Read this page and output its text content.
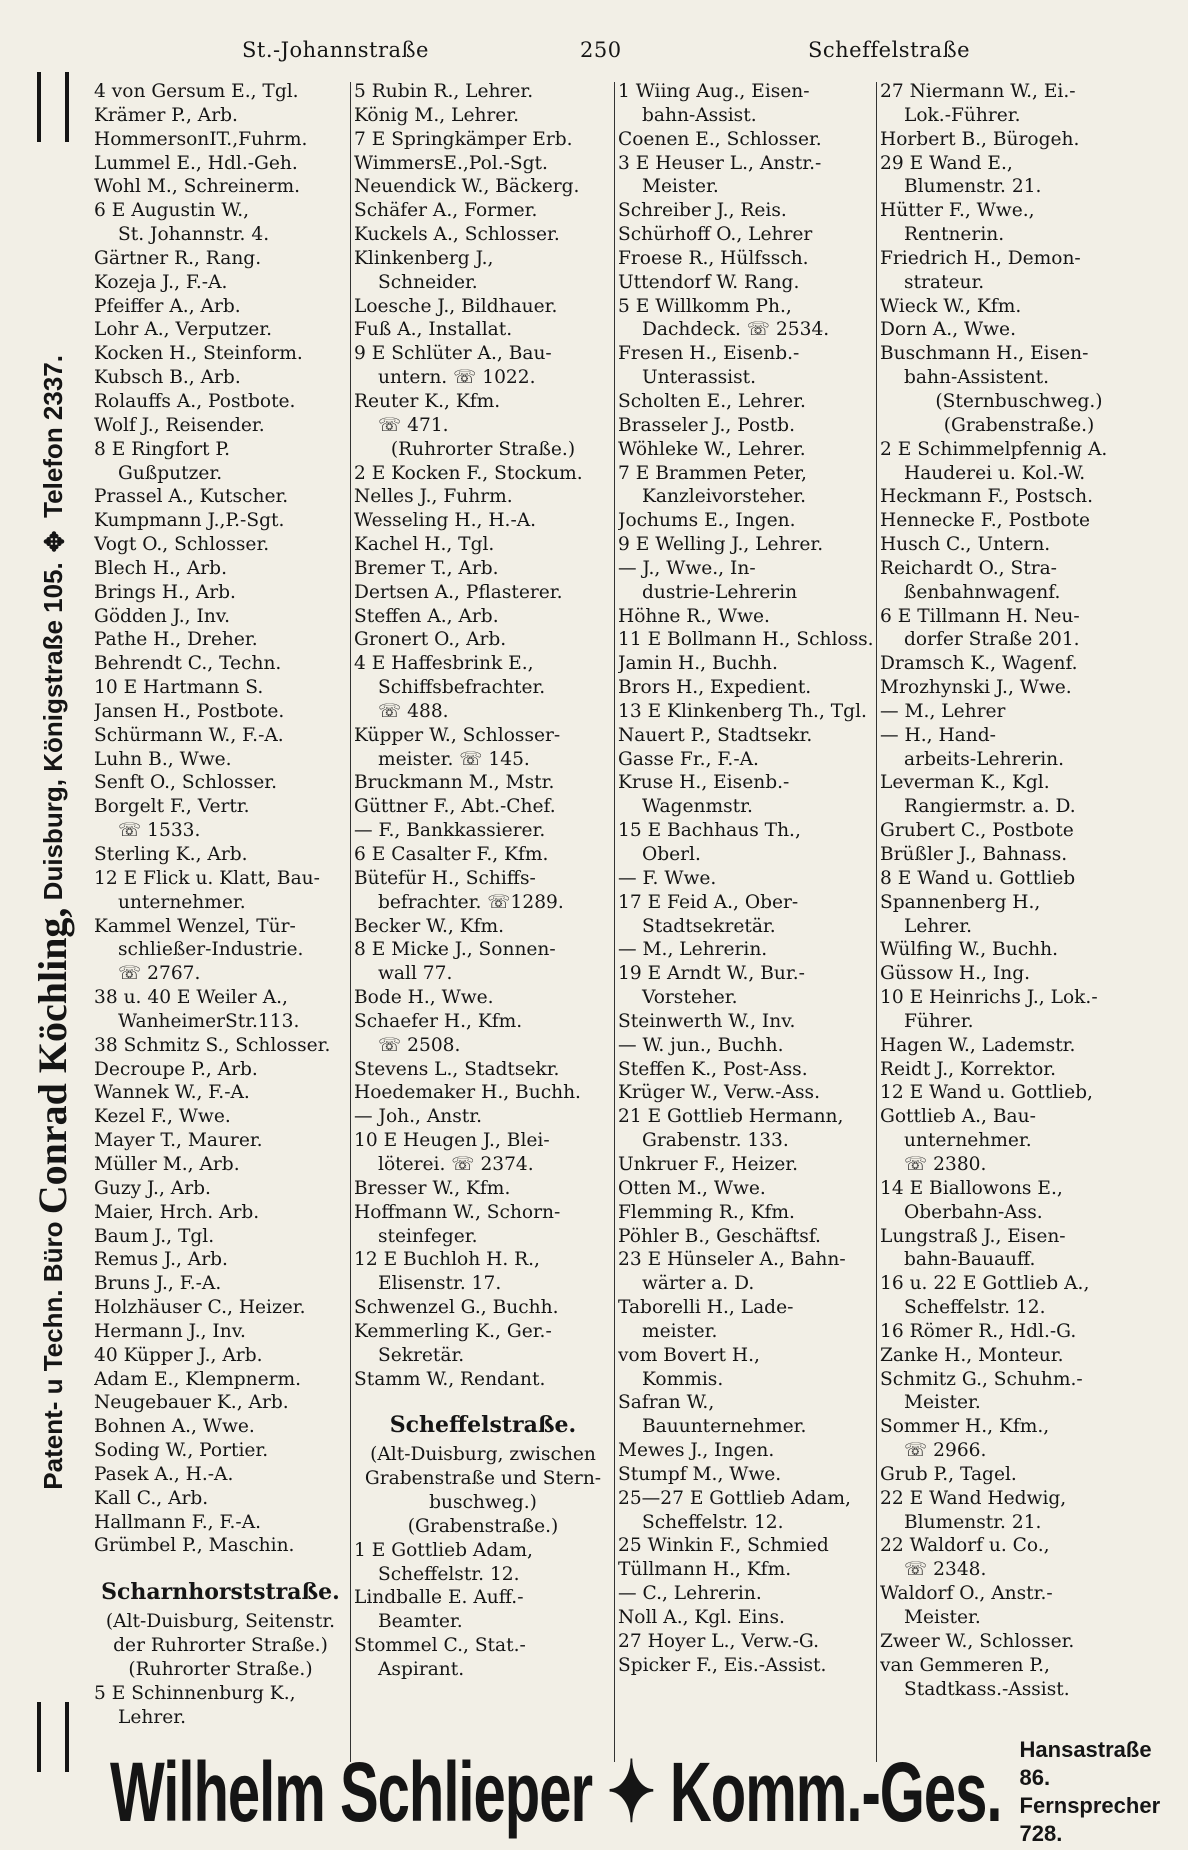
St.-Johannstraße	250	Scheffelstraße
Patent- u Techn. Büro Conrad Köchling, Duisburg, Königstraße 105. ✥ Telefon 2337.
4 von Gersum E., Tgl.
Krämer P., Arb.
HommersonIT.,Fuhrm.
Lummel E., Hdl.-Geh.
Wohl M., Schreinerm.
6 E Augustin W.,
St. Johannstr. 4.
Gärtner R., Rang.
Kozeja J., F.-A.
Pfeiffer A., Arb.
Lohr A., Verputzer.
Kocken H., Steinform.
Kubsch B., Arb.
Rolauffs A., Postbote.
Wolf J., Reisender.
8 E Ringfort P.
Gußputzer.
Prassel A., Kutscher.
Kumpmann J.,P.-Sgt.
Vogt O., Schlosser.
Blech H., Arb.
Brings H., Arb.
Gödden J., Inv.
Pathe H., Dreher.
Behrendt C., Techn.
10 E Hartmann S.
Jansen H., Postbote.
Schürmann W., F.-A.
Luhn B., Wwe.
Senft O., Schlosser.
Borgelt F., Vertr.
☏ 1533.
Sterling K., Arb.
12 E Flick u. Klatt, Bau-
unternehmer.
Kammel Wenzel, Tür-
schließer-Industrie.
☏ 2767.
38 u. 40 E Weiler A.,
WanheimerStr.113.
38 Schmitz S., Schlosser.
Decroupe P., Arb.
Wannek W., F.-A.
Kezel F., Wwe.
Mayer T., Maurer.
Müller M., Arb.
Guzy J., Arb.
Maier, Hrch. Arb.
Baum J., Tgl.
Remus J., Arb.
Bruns J., F.-A.
Holzhäuser C., Heizer.
Hermann J., Inv.
40 Küpper J., Arb.
Adam E., Klempnerm.
Neugebauer K., Arb.
Bohnen A., Wwe.
Soding W., Portier.
Pasek A., H.-A.
Kall C., Arb.
Hallmann F., F.-A.
Grümbel P., Maschin.
Scharnhorststraße.
(Alt-Duisburg, Seitenstr.
der Ruhrorter Straße.)
(Ruhrorter Straße.)
5 E Schinnenburg K.,
Lehrer.
5 Rubin R., Lehrer.
König M., Lehrer.
7 E Springkämper Erb.
WimmersE.,Pol.-Sgt.
Neuendick W., Bäckerg.
Schäfer A., Former.
Kuckels A., Schlosser.
Klinkenberg J.,
Schneider.
Loesche J., Bildhauer.
Fuß A., Installat.
9 E Schlüter A., Bau-
untern. ☏ 1022.
Reuter K., Kfm.
☏ 471.
(Ruhrorter Straße.)
2 E Kocken F., Stockum.
Nelles J., Fuhrm.
Wesseling H., H.-A.
Kachel H., Tgl.
Bremer T., Arb.
Dertsen A., Pflasterer.
Steffen A., Arb.
Gronert O., Arb.
4 E Haffesbrink E.,
Schiffsbefrachter.
☏ 488.
Küpper W., Schlosser-
meister. ☏ 145.
Bruckmann M., Mstr.
Güttner F., Abt.-Chef.
— F., Bankkassierer.
6 E Casalter F., Kfm.
Bütefür H., Schiffs-
befrachter. ☏1289.
Becker W., Kfm.
8 E Micke J., Sonnen-
wall 77.
Bode H., Wwe.
Schaefer H., Kfm.
☏ 2508.
Stevens L., Stadtsekr.
Hoedemaker H., Buchh.
— Joh., Anstr.
10 E Heugen J., Blei-
löterei. ☏ 2374.
Bresser W., Kfm.
Hoffmann W., Schorn-
steinfeger.
12 E Buchloh H. R.,
Elisenstr. 17.
Schwenzel G., Buchh.
Kemmerling K., Ger.-
Sekretär.
Stamm W., Rendant.
Scheffelstraße.
(Alt-Duisburg, zwischen
Grabenstraße und Stern-
buschweg.)
(Grabenstraße.)
1 E Gottlieb Adam,
Scheffelstr. 12.
Lindballe E. Auff.-
Beamter.
Stommel C., Stat.-
Aspirant.
1 Wiing Aug., Eisen-
bahn-Assist.
Coenen E., Schlosser.
3 E Heuser L., Anstr.-
Meister.
Schreiber J., Reis.
Schürhoff O., Lehrer
Froese R., Hülfssch.
Uttendorf W. Rang.
5 E Willkomm Ph.,
Dachdeck. ☏ 2534.
Fresen H., Eisenb.-
Unterassist.
Scholten E., Lehrer.
Brasseler J., Postb.
Wöhleke W., Lehrer.
7 E Brammen Peter,
Kanzleivorsteher.
Jochums E., Ingen.
9 E Welling J., Lehrer.
— J., Wwe., In-
dustrie-Lehrerin
Höhne R., Wwe.
11 E Bollmann H., Schloss.
Jamin H., Buchh.
Brors H., Expedient.
13 E Klinkenberg Th., Tgl.
Nauert P., Stadtsekr.
Gasse Fr., F.-A.
Kruse H., Eisenb.-
Wagenmstr.
15 E Bachhaus Th.,
Oberl.
— F. Wwe.
17 E Feid A., Ober-
Stadtsekretär.
— M., Lehrerin.
19 E Arndt W., Bur.-
Vorsteher.
Steinwerth W., Inv.
— W. jun., Buchh.
Steffen K., Post-Ass.
Krüger W., Verw.-Ass.
21 E Gottlieb Hermann,
Grabenstr. 133.
Unkruer F., Heizer.
Otten M., Wwe.
Flemming R., Kfm.
Pöhler B., Geschäftsf.
23 E Hünseler A., Bahn-
wärter a. D.
Taborelli H., Lade-
meister.
vom Bovert H.,
Kommis.
Safran W.,
Bauunternehmer.
Mewes J., Ingen.
Stumpf M., Wwe.
25—27 E Gottlieb Adam,
Scheffelstr. 12.
25 Winkin F., Schmied
Tüllmann H., Kfm.
— C., Lehrerin.
Noll A., Kgl. Eins.
27 Hoyer L., Verw.-G.
Spicker F., Eis.-Assist.
27 Niermann W., Ei.-
Lok.-Führer.
Horbert B., Bürogeh.
29 E Wand E.,
Blumenstr. 21.
Hütter F., Wwe.,
Rentnerin.
Friedrich H., Demon-
strateur.
Wieck W., Kfm.
Dorn A., Wwe.
Buschmann H., Eisen-
bahn-Assistent.
(Sternbuschweg.)
(Grabenstraße.)
2 E Schimmelpfennig A.
Hauderei u. Kol.-W.
Heckmann F., Postsch.
Hennecke F., Postbote
Husch C., Untern.
Reichardt O., Stra-
ßenbahnwagenf.
6 E Tillmann H. Neu-
dorfer Straße 201.
Dramsch K., Wagenf.
Mrozhynski J., Wwe.
— M., Lehrer
— H., Hand-
arbeits-Lehrerin.
Leverman K., Kgl.
Rangiermstr. a. D.
Grubert C., Postbote
Brüßler J., Bahnass.
8 E Wand u. Gottlieb
Spannenberg H.,
Lehrer.
Wülfing W., Buchh.
Güssow H., Ing.
10 E Heinrichs J., Lok.-
Führer.
Hagen W., Lademstr.
Reidt J., Korrektor.
12 E Wand u. Gottlieb,
Gottlieb A., Bau-
unternehmer.
☏ 2380.
14 E Biallowons E.,
Oberbahn-Ass.
Lungstraß J., Eisen-
bahn-Bauauff.
16 u. 22 E Gottlieb A.,
Scheffelstr. 12.
16 Römer R., Hdl.-G.
Zanke H., Monteur.
Schmitz G., Schuhm.-
Meister.
Sommer H., Kfm.,
☏ 2966.
Grub P., Tagel.
22 E Wand Hedwig,
Blumenstr. 21.
22 Waldorf u. Co.,
☏ 2348.
Waldorf O., Anstr.-
Meister.
Zweer W., Schlosser.
van Gemmeren P.,
Stadtkass.-Assist.
Wilhelm Schlieper ✦ Komm.-Ges. Hansastraße 86.
Fernsprecher 728.
